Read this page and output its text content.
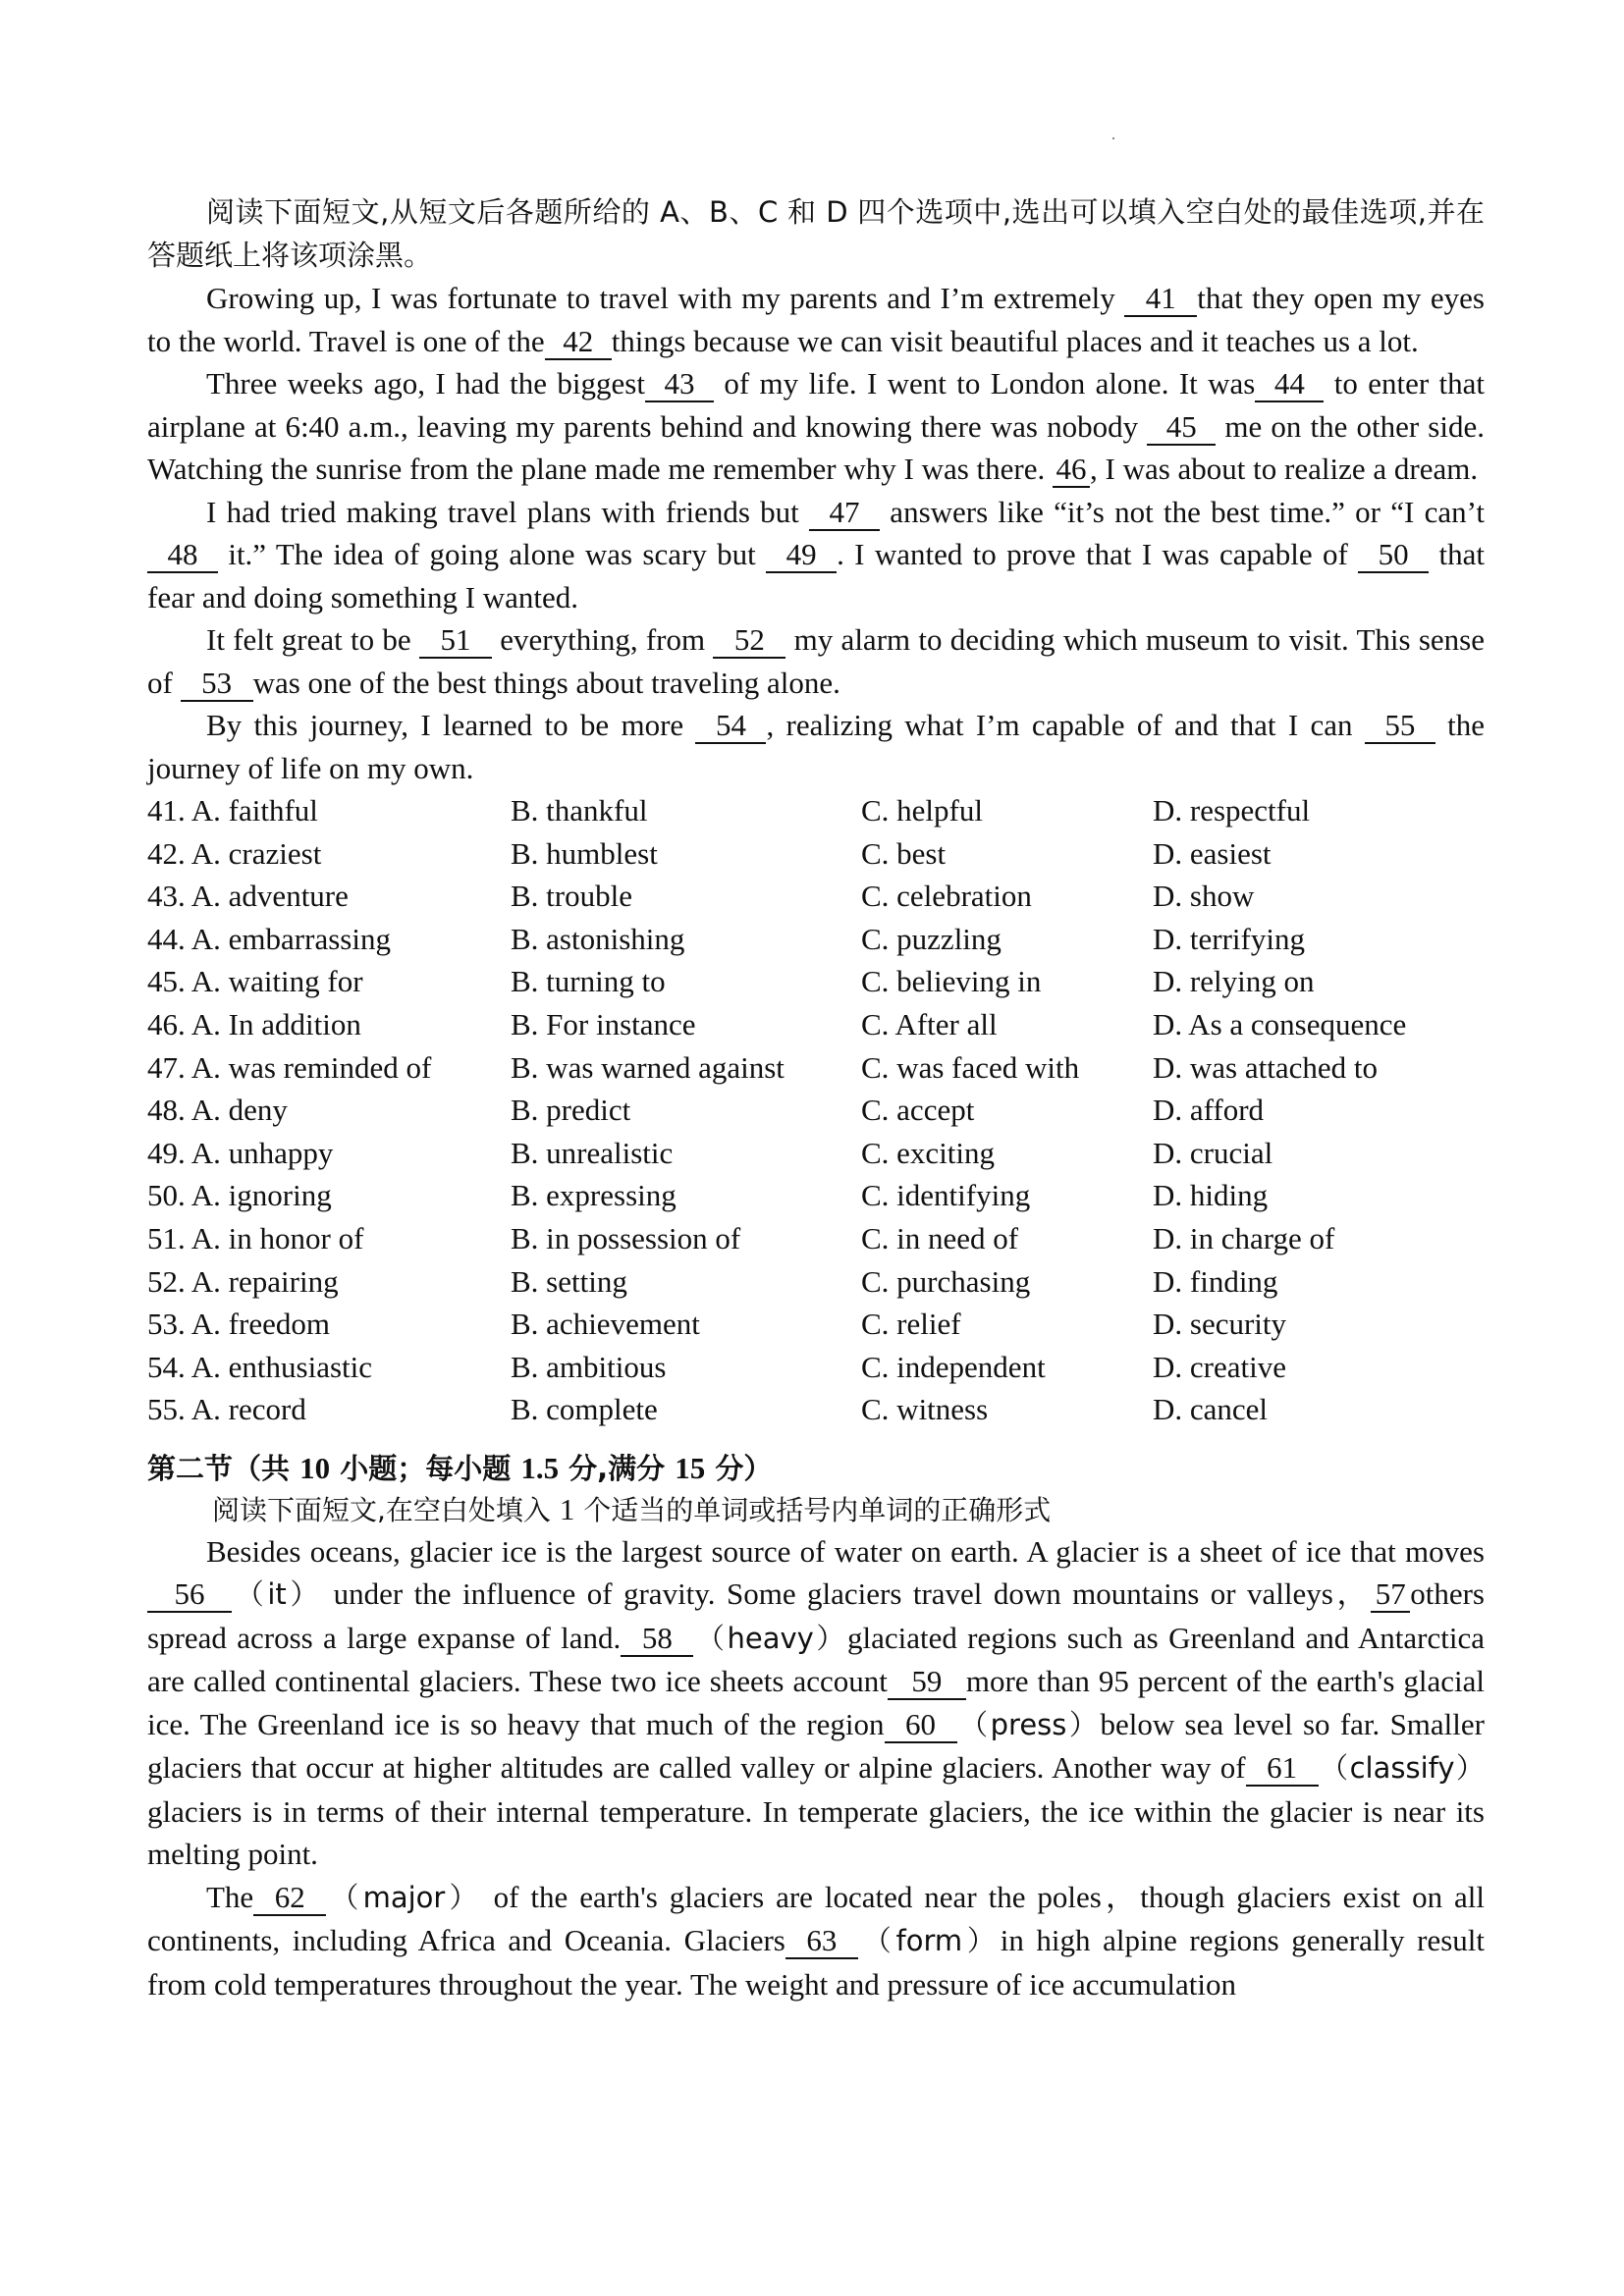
阅读下面短文,从短文后各题所给的 A、B、C 和 D 四个选项中,选出可以填入空白处的最佳选项,并在答题纸上将该项涂黑。

Growing up, I was fortunate to travel with my parents and I’m extremely 41 that they open my eyes to the world. Travel is one of the 42 things because we can visit beautiful places and it teaches us a lot.

Three weeks ago, I had the biggest 43 of my life. I went to London alone. It was 44 to enter that airplane at 6:40 a.m., leaving my parents behind and knowing there was nobody 45 me on the other side. Watching the sunrise from the plane made me remember why I was there. 46 , I was about to realize a dream.

I had tried making travel plans with friends but 47 answers like “it’s not the best time.” or “I can’t 48 it.” The idea of going alone was scary but 49 . I wanted to prove that I was capable of 50 that fear and doing something I wanted.

It felt great to be 51 everything, from 52 my alarm to deciding which museum to visit. This sense of 53 was one of the best things about traveling alone.

By this journey, I learned to be more 54 , realizing what I’m capable of and that I can 55 the journey of life on my own.

41. A. faithful	B. thankful	C. helpful	D. respectful
42. A. craziest	B. humblest	C. best	D. easiest
43. A. adventure	B. trouble	C. celebration	D. show
44. A. embarrassing	B. astonishing	C. puzzling	D. terrifying
45. A. waiting for	B. turning to	C. believing in	D. relying on
46. A. In addition	B. For instance	C. After all	D. As a consequence
47. A. was reminded of	B. was warned against	C. was faced with	D. was attached to
48. A. deny	B. predict	C. accept	D. afford
49. A. unhappy	B. unrealistic	C. exciting	D. crucial
50. A. ignoring	B. expressing	C. identifying	D. hiding
51. A. in honor of	B. in possession of	C. in need of	D. in charge of
52. A. repairing	B. setting	C. purchasing	D. finding
53. A. freedom	B. achievement	C. relief	D. security
54. A. enthusiastic	B. ambitious	C. independent	D. creative
55. A. record	B. complete	C. witness	D. cancel
第二节（共 10 小题；每小题 1.5 分,满分 15 分）
阅读下面短文,在空白处填入 1 个适当的单词或括号内单词的正确形式

Besides oceans, glacier ice is the largest source of water on earth. A glacier is a sheet of ice that moves 56 （it） under the influence of gravity. Some glaciers travel down mountains or valleys， 57 others spread across a large expanse of land. 58 （heavy）glaciated regions such as Greenland and Antarctica are called continental glaciers. These two ice sheets account 59 more than 95 percent of the earth's glacial ice. The Greenland ice is so heavy that much of the region 60 （press）below sea level so far. Smaller glaciers that occur at higher altitudes are called valley or alpine glaciers. Another way of 61 （classify） glaciers is in terms of their internal temperature. In temperate glaciers, the ice within the glacier is near its melting point.

The 62 （major） of the earth's glaciers are located near the poles，though glaciers exist on all continents, including Africa and Oceania. Glaciers 63 （form）in high alpine regions generally result from cold temperatures throughout the year. The weight and pressure of ice accumulation
